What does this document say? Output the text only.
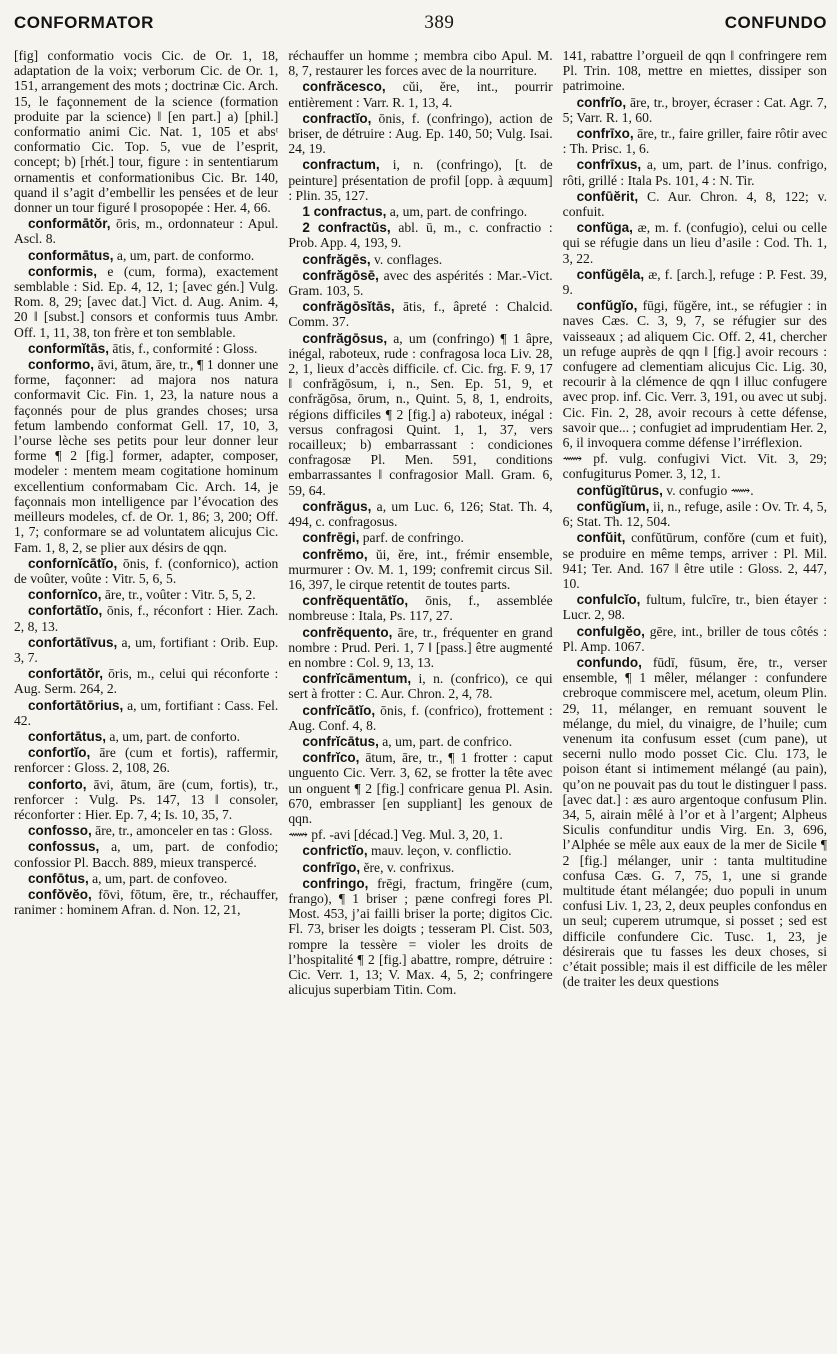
CONFORMATOR	389	CONFUNDO

[fig] conformatio vocis Cic. de Or. 1, 18, adaptation de la voix; verborum Cic. de Or. 1, 151, arrangement des mots ; doctrinæ Cic. Arch. 15, le façonnement de la science (formation produite par la science) ‖ [en part.] a) [phil.] conformatio animi Cic. Nat. 1, 105 et absᵗ conformatio Cic. Top. 5, vue de l’esprit, concept; b) [rhét.] tour, figure : in sententiarum ornamentis et conformationibus Cic. Br. 140, quand il s’agit d’embellir les pensées et de leur donner un tour figuré ‖ prosopopée : Her. 4, 66.

conformātŏr, ōris, m., ordonnateur : Apul. Ascl. 8.

conformātus, a, um, part. de conformo.

conformis, e (cum, forma), exactement semblable : Sid. Ep. 4, 12, 1; [avec gén.] Vulg. Rom. 8, 29; [avec dat.] Vict. d. Aug. Anim. 4, 20 ‖ [subst.] consors et conformis tuus Ambr. Off. 1, 11, 38, ton frère et ton semblable.

conformĭtās, ātis, f., conformité : Gloss.

conformo, āvi, ātum, āre, tr., ¶ 1 donner une forme, façonner: ad majora nos natura conformavit Cic. Fin. 1, 23, la nature nous a façonnés pour de plus grandes choses; ursa fetum lambendo conformat Gell. 17, 10, 3, l’ourse lèche ses petits pour leur donner leur forme ¶ 2 [fig.] former, adapter, composer, modeler : mentem meam cogitatione hominum excellentium conformabam Cic. Arch. 14, je façonnais mon intelligence par l’évocation des meilleurs modeles, cf. de Or. 1, 86; 3, 200; Off. 1, 7; conformare se ad voluntatem alicujus Cic. Fam. 1, 8, 2, se plier aux désirs de qqn.

confornĭcātĭo, ōnis, f. (confornico), action de voûter, voûte : Vitr. 5, 6, 5.

confornĭco, āre, tr., voûter : Vitr. 5, 5, 2.

confortātĭo, ōnis, f., réconfort : Hier. Zach. 2, 8, 13.

confortātīvus, a, um, fortifiant : Orib. Eup. 3, 7.

confortātŏr, ōris, m., celui qui réconforte : Aug. Serm. 264, 2.

confortātōrius, a, um, fortifiant : Cass. Fel. 42.

confortātus, a, um, part. de conforto.

confortĭo, āre (cum et fortis), raffermir, renforcer : Gloss. 2, 108, 26.

conforto, āvi, ātum, āre (cum, fortis), tr., renforcer : Vulg. Ps. 147, 13 ‖ consoler, réconforter : Hier. Ep. 7, 4; Is. 10, 35, 7.

confosso, āre, tr., amonceler en tas : Gloss.

confossus, a, um, part. de confodio; confossior Pl. Bacch. 889, mieux transpercé.

confōtus, a, um, part. de confoveo.

confŏvĕo, fōvi, fōtum, ēre, tr., réchauffer, ranimer : hominem Afran. d. Non. 12, 21,

réchauffer un homme ; membra cibo Apul. M. 8, 7, restaurer les forces avec de la nourriture.

confrăcesco, cŭi, ĕre, int., pourrir entièrement : Varr. R. 1, 13, 4.

confractĭo, ōnis, f. (confringo), action de briser, de détruire : Aug. Ep. 140, 50; Vulg. Isai. 24, 19.

confractum, i, n. (confringo), [t. de peinture] présentation de profil [opp. à æquum] : Plin. 35, 127.

1 confractus, a, um, part. de confringo.

2 confractŭs, abl. ū, m., c. confractio : Prob. App. 4, 193, 9.

confrăgēs, v. conflages.

confrăgōsē, avec des aspérités : Mar.-Vict. Gram. 103, 5.

confrăgōsĭtās, ātis, f., âpreté : Chalcid. Comm. 37.

confrăgōsus, a, um (confringo) ¶ 1 âpre, inégal, raboteux, rude : confragosa loca Liv. 28, 2, 1, lieux d’accès difficile. cf. Cic. frg. F. 9, 17 ‖ confrăgōsum, i, n., Sen. Ep. 51, 9, et confrăgōsa, ōrum, n., Quint. 5, 8, 1, endroits, régions difficiles ¶ 2 [fig.] a) raboteux, inégal : versus confragosi Quint. 1, 1, 37, vers rocailleux; b) embarrassant : condiciones confragosæ Pl. Men. 591, conditions embarrassantes ‖ confragosior Mall. Gram. 6, 59, 64.

confrăgus, a, um Luc. 6, 126; Stat. Th. 4, 494, c. confragosus.

confrēgi, parf. de confringo.

confrĕmo, ŭi, ĕre, int., frémir ensemble, murmurer : Ov. M. 1, 199; confremit circus Sil. 16, 397, le cirque retentit de toutes parts.

confrĕquentātĭo, ōnis, f., assemblée nombreuse : Itala, Ps. 117, 27.

confrĕquento, āre, tr., fréquenter en grand nombre : Prud. Peri. 1, 7 ‖ [pass.] être augmenté en nombre : Col. 9, 13, 13.

confrĭcāmentum, i, n. (confrico), ce qui sert à frotter : C. Aur. Chron. 2, 4, 78.

confrĭcātĭo, ōnis, f. (confrico), frottement : Aug. Conf. 4, 8.

confrĭcātus, a, um, part. de confrico.

confrĭco, ātum, āre, tr., ¶ 1 frotter : caput unguento Cic. Verr. 3, 62, se frotter la tête avec un onguent ¶ 2 [fig.] confricare genua Pl. Asin. 670, embrasser [en suppliant] les genoux de qqn.

⟿ pf. -avi [décad.] Veg. Mul. 3, 20, 1.

confrictĭo, mauv. leçon, v. conflictio.

confrīgo, ĕre, v. confrixus.

confringo, frēgi, fractum, fringĕre (cum, frango), ¶ 1 briser ; pæne confregi fores Pl. Most. 453, j’ai failli briser la porte; digitos Cic. Fl. 73, briser les doigts ; tesseram Pl. Cist. 503, rompre la tessère = violer les droits de l’hospitalité ¶ 2 [fig.] abattre, rompre, détruire : Cic. Verr. 1, 13; V. Max. 4, 5, 2; confringere alicujus superbiam Titin. Com.

141, rabattre l’orgueil de qqn ‖ confringere rem Pl. Trin. 108, mettre en miettes, dissiper son patrimoine.

confrĭo, āre, tr., broyer, écraser : Cat. Agr. 7, 5; Varr. R. 1, 60.

confrīxo, āre, tr., faire griller, faire rôtir avec : Th. Prisc. 1, 6.

confrīxus, a, um, part. de l’inus. confrigo, rôti, grillé : Itala Ps. 101, 4 : N. Tir.

confūĕrit, C. Aur. Chron. 4, 8, 122; v. confuit.

confŭga, æ, m. f. (confugio), celui ou celle qui se réfugie dans un lieu d’asile : Cod. Th. 1, 3, 22.

confŭgēla, æ, f. [arch.], refuge : P. Fest. 39, 9.

confŭgĭo, fūgi, fŭgĕre, int., se réfugier : in naves Cæs. C. 3, 9, 7, se réfugier sur des vaisseaux ; ad aliquem Cic. Off. 2, 41, chercher un refuge auprès de qqn ‖ [fig.] avoir recours : confugere ad clementiam alicujus Cic. Lig. 30, recourir à la clémence de qqn ‖ illuc confugere avec prop. inf. Cic. Verr. 3, 191, ou avec ut subj. Cic. Fin. 2, 28, avoir recours à cette défense, savoir que... ; confugiet ad imprudentiam Her. 2, 6, il invoquera comme défense l’irréflexion.

⟿ pf. vulg. confugivi Vict. Vit. 3, 29; confugiturus Pomer. 3, 12, 1.

confŭgĭtūrus, v. confugio ⟿.

confŭgĭum, ii, n., refuge, asile : Ov. Tr. 4, 5, 6; Stat. Th. 12, 504.

confŭit, confŭtūrum, confŏre (cum et fuit), se produire en même temps, arriver : Pl. Mil. 941; Ter. And. 167 ‖ être utile : Gloss. 2, 447, 10.

confulcĭo, fultum, fulcīre, tr., bien étayer : Lucr. 2, 98.

confulgĕo, gēre, int., briller de tous côtés : Pl. Amp. 1067.

confundo, fūdī, fūsum, ĕre, tr., verser ensemble, ¶ 1 mêler, mélanger : confundere crebroque commiscere mel, acetum, oleum Plin. 29, 11, mélanger, en remuant souvent le mélange, du miel, du vinaigre, de l’huile; cum venenum ita confusum esset (cum pane), ut secerni nullo modo posset Cic. Clu. 173, le poison étant si intimement mélangé (au pain), qu’on ne pouvait pas du tout le distinguer ‖ pass. [avec dat.] : æs auro argentoque confusum Plin. 34, 5, airain mêlé à l’or et à l’argent; Alpheus Siculis confunditur undis Virg. En. 3, 696, l’Alphée se mêle aux eaux de la mer de Sicile ¶ 2 [fig.] mélanger, unir : tanta multitudine confusa Cæs. G. 7, 75, 1, une si grande multitude étant mélangée; duo populi in unum confusi Liv. 1, 23, 2, deux peuples confondus en un seul; cuperem utrumque, si posset ; sed est difficile confundere Cic. Tusc. 1, 23, je désirerais que tu fasses les deux choses, si c’était possible; mais il est difficile de les mêler (de traiter les deux questions
